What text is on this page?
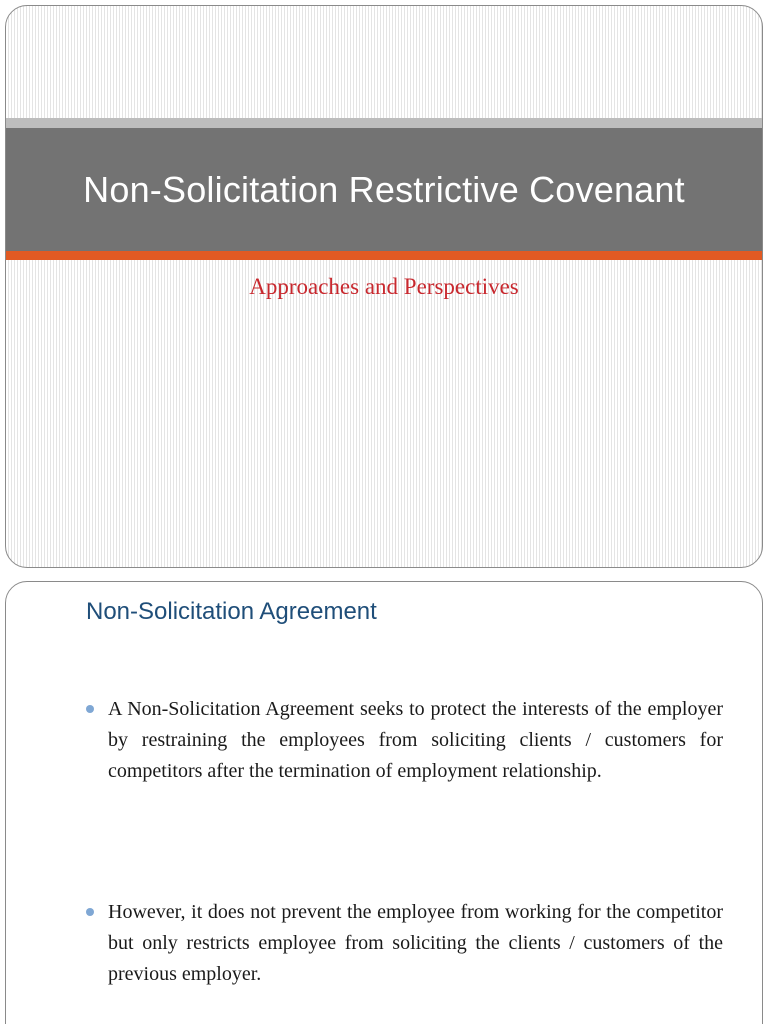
Non-Solicitation Restrictive Covenant
Approaches and Perspectives
Non-Solicitation Agreement
A Non-Solicitation Agreement seeks to protect the interests of the employer by restraining the employees from soliciting clients / customers for competitors after the termination of employment relationship.
However, it does not prevent the employee from working for the competitor but only restricts employee from soliciting the clients / customers of the previous employer.
